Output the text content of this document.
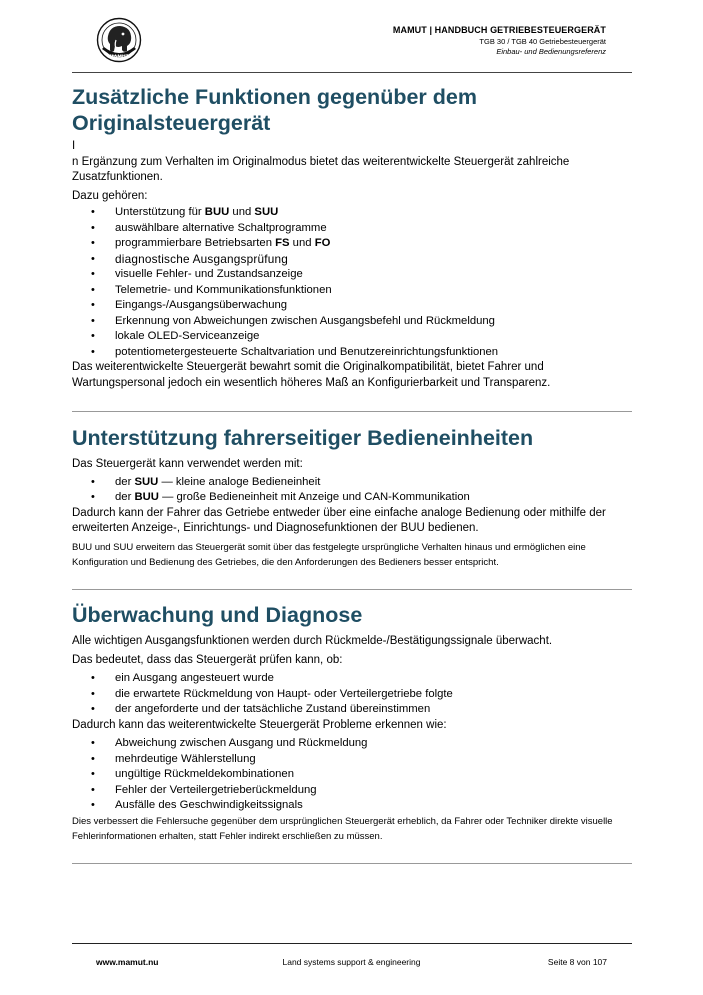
MAMUT
MAMUT | HANDBUCH GETRIEBESTEUERGERÄT
TGB 30 / TGB 40 Getriebesteuergerät
Einbau- und Bedienungsreferenz
Zusätzliche Funktionen gegenüber dem Originalsteuergerät

I

n Ergänzung zum Verhalten im Originalmodus bietet das weiterentwickelte Steuergerät zahlreiche Zusatzfunktionen.

Dazu gehören:

• Unterstützung für BUU und SUU
• auswählbare alternative Schaltprogramme
• programmierbare Betriebsarten FS und FO
• diagnostische Ausgangsprüfung
• visuelle Fehler- und Zustandsanzeige
• Telemetrie- und Kommunikationsfunktionen
• Eingangs-/Ausgangsüberwachung
• Erkennung von Abweichungen zwischen Ausgangsbefehl und Rückmeldung
• lokale OLED-Serviceanzeige
• potentiometergesteuerte Schaltvariation und Benutzereinrichtungsfunktionen

Das weiterentwickelte Steuergerät bewahrt somit die Originalkompatibilität, bietet Fahrer und Wartungspersonal jedoch ein wesentlich höheres Maß an Konfigurierbarkeit und Transparenz.

Unterstützung fahrerseitiger Bedieneinheiten

Das Steuergerät kann verwendet werden mit:

• der SUU — kleine analoge Bedieneinheit
• der BUU — große Bedieneinheit mit Anzeige und CAN-Kommunikation

Dadurch kann der Fahrer das Getriebe entweder über eine einfache analoge Bedienung oder mithilfe der erweiterten Anzeige-, Einrichtungs- und Diagnosefunktionen der BUU bedienen.

BUU und SUU erweitern das Steuergerät somit über das festgelegte ursprüngliche Verhalten hinaus und ermöglichen eine Konfiguration und Bedienung des Getriebes, die den Anforderungen des Bedieners besser entspricht.

Überwachung und Diagnose

Alle wichtigen Ausgangsfunktionen werden durch Rückmelde-/Bestätigungssignale überwacht.

Das bedeutet, dass das Steuergerät prüfen kann, ob:

• ein Ausgang angesteuert wurde
• die erwartete Rückmeldung von Haupt- oder Verteilergetriebe folgte
• der angeforderte und der tatsächliche Zustand übereinstimmen

Dadurch kann das weiterentwickelte Steuergerät Probleme erkennen wie:

• Abweichung zwischen Ausgang und Rückmeldung
• mehrdeutige Wählerstellung
• ungültige Rückmeldekombinationen
• Fehler der Verteilergetrieberückmeldung
• Ausfälle des Geschwindigkeitssignals

Dies verbessert die Fehlersuche gegenüber dem ursprünglichen Steuergerät erheblich, da Fahrer oder Techniker direkte visuelle Fehlerinformationen erhalten, statt Fehler indirekt erschließen zu müssen.

www.mamut.nu	Land systems support & engineering	Seite 8 von 107
